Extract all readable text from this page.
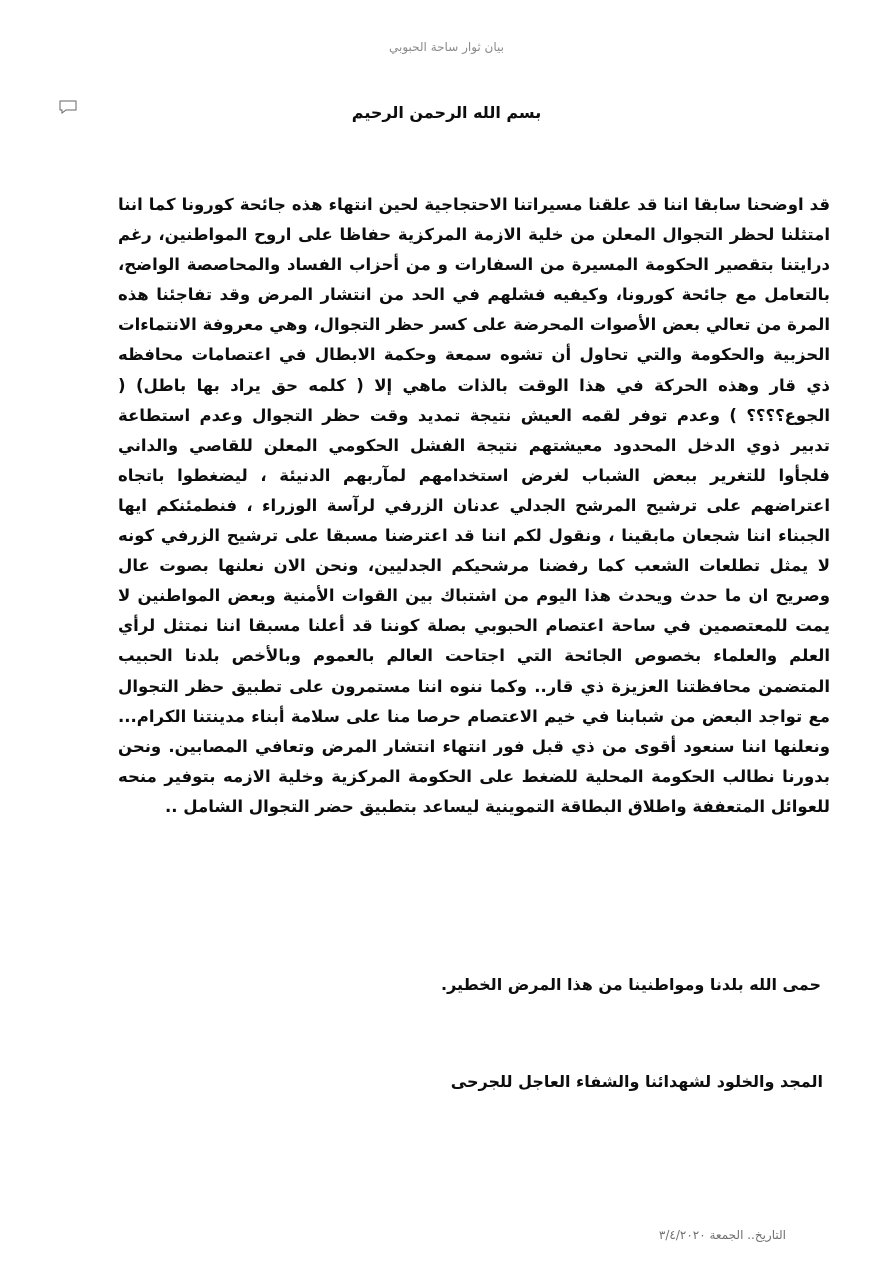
بيان ثوار ساحة الحبوبي
بسم الله الرحمن الرحيم

قد اوضحنا سابقا اننا قد علقنا مسيراتنا الاحتجاجية لحين انتهاء هذه جائحة كورونا كما اننا امتثلنا لحظر التجوال المعلن من خلية الازمة المركزية حفاظا على اروح المواطنين، رغم درايتنا بتقصير الحكومة المسيرة من السفارات و من أحزاب الفساد والمحاصصة الواضح، بالتعامل مع جائحة كورونا، وكيفيه فشلهم في الحد من انتشار المرض وقد تفاجئنا هذه المرة من تعالي بعض الأصوات المحرضة على كسر حظر التجوال، وهي معروفة الانتماءات الحزبية والحكومة والتي تحاول أن تشوه سمعة وحكمة الابطال في اعتصامات محافظه ذي قار وهذه الحركة في هذا الوقت بالذات ماهي إلا ( كلمه حق يراد بها باطل) ( الجوع؟؟؟؟ ) وعدم توفر لقمه العيش نتيجة تمديد وقت حظر التجوال وعدم استطاعة تدبير ذوي الدخل المحدود معيشتهم نتيجة الفشل الحكومي المعلن للقاصي والداني فلجأوا للتغرير ببعض الشباب لغرض استخدامهم لمآربهم الدنيئة ، ليضغطوا باتجاه اعتراضهم على ترشيح المرشح الجدلي عدنان الزرفي لرآسة الوزراء ، فنطمئنكم ايها الجبناء اننا شجعان مابقينا ، ونقول لكم اننا قد اعترضنا مسبقا على ترشيح الزرفي كونه لا يمثل تطلعات الشعب كما رفضنا مرشحيكم الجدليين، ونحن الان نعلنها بصوت عال وصريح ان ما حدث ويحدث هذا اليوم من اشتباك بين القوات الأمنية وبعض المواطنين لا يمت للمعتصمين في ساحة اعتصام الحبوبي بصلة كوننا قد أعلنا مسبقا اننا نمتثل لرأي العلم والعلماء بخصوص الجائحة التي اجتاحت العالم بالعموم وبالأخص بلدنا الحبيب المتضمن محافظتنا العزيزة ذي قار.. وكما ننوه اننا مستمرون على تطبيق حظر التجوال مع تواجد البعض من شبابنا في خيم الاعتصام حرصا منا على سلامة أبناء مدينتنا الكرام... ونعلنها اننا سنعود أقوى من ذي قبل فور انتهاء انتشار المرض وتعافي المصابين. ونحن بدورنا نطالب الحكومة المحلية للضغط على الحكومة المركزية وخلية الازمه بتوفير منحه للعوائل المتعففة واطلاق البطاقة التموينية ليساعد بتطبيق حضر التجوال الشامل ..

حمى الله بلدنا ومواطنينا من هذا المرض الخطير.

المجد والخلود لشهدائنا والشفاء العاجل للجرحى

التاريخ.. الجمعة ٣/٤/٢٠٢٠
